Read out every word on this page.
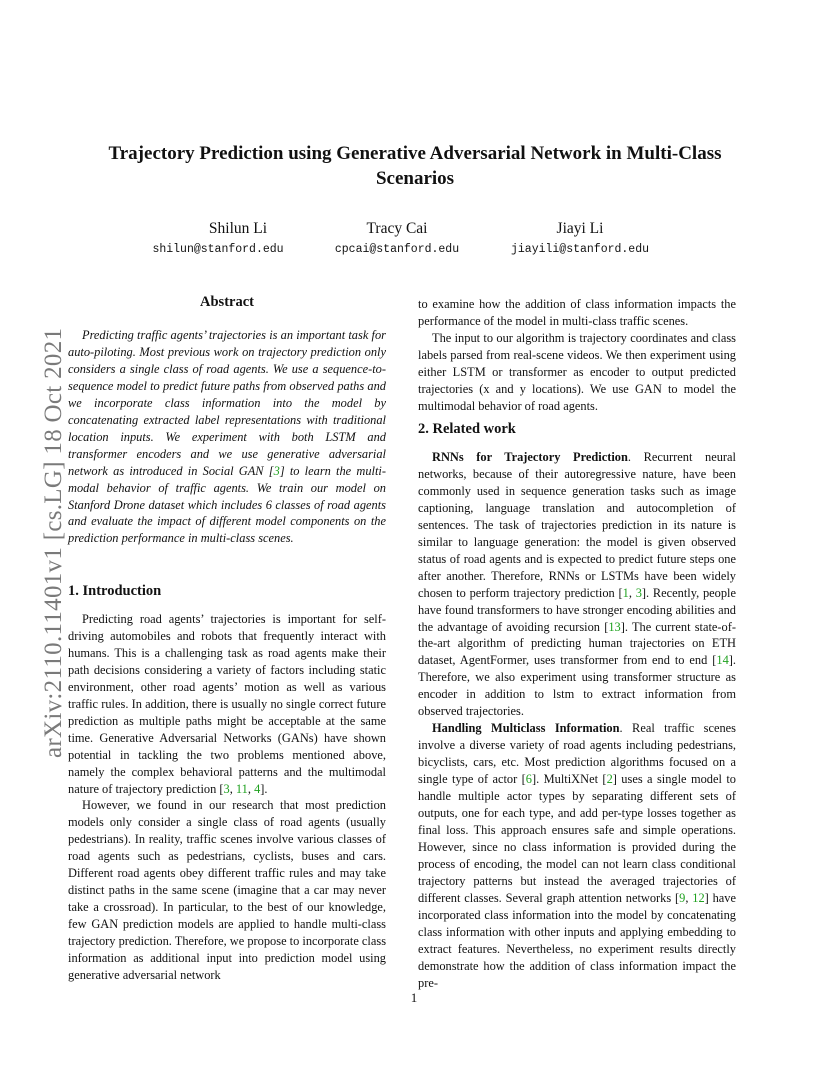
arXiv:2110.11401v1 [cs.LG] 18 Oct 2021
Trajectory Prediction using Generative Adversarial Network in Multi-Class
Scenarios
Shilun Li
shilun@stanford.edu
Tracy Cai
cpcai@stanford.edu
Jiayi Li
jiayili@stanford.edu
Abstract
Predicting traffic agents’ trajectories is an important task for auto-piloting. Most previous work on trajectory prediction only considers a single class of road agents. We use a sequence-to-sequence model to predict future paths from observed paths and we incorporate class information into the model by concatenating extracted label representations with traditional location inputs. We experiment with both LSTM and transformer encoders and we use generative adversarial network as introduced in Social GAN [3] to learn the multi-modal behavior of traffic agents. We train our model on Stanford Drone dataset which includes 6 classes of road agents and evaluate the impact of different model components on the prediction performance in multi-class scenes.
1. Introduction

Predicting road agents’ trajectories is important for self-driving automobiles and robots that frequently interact with humans. This is a challenging task as road agents make their path decisions considering a variety of factors including static environment, other road agents’ motion as well as various traffic rules. In addition, there is usually no single correct future prediction as multiple paths might be acceptable at the same time. Generative Adversarial Networks (GANs) have shown potential in tackling the two problems mentioned above, namely the complex behavioral patterns and the multimodal nature of trajectory prediction [3, 11, 4].

However, we found in our research that most prediction models only consider a single class of road agents (usually pedestrians). In reality, traffic scenes involve various classes of road agents such as pedestrians, cyclists, buses and cars. Different road agents obey different traffic rules and may take distinct paths in the same scene (imagine that a car may never take a crossroad). In particular, to the best of our knowledge, few GAN prediction models are applied to handle multi-class trajectory prediction. Therefore, we propose to incorporate class information as additional input into prediction model using generative adversarial network

to examine how the addition of class information impacts the performance of the model in multi-class traffic scenes.

The input to our algorithm is trajectory coordinates and class labels parsed from real-scene videos. We then experiment using either LSTM or transformer as encoder to output predicted trajectories (x and y locations). We use GAN to model the multimodal behavior of road agents.

2. Related work

RNNs for Trajectory Prediction. Recurrent neural networks, because of their autoregressive nature, have been commonly used in sequence generation tasks such as image captioning, language translation and autocompletion of sentences. The task of trajectories prediction in its nature is similar to language generation: the model is given observed status of road agents and is expected to predict future steps one after another. Therefore, RNNs or LSTMs have been widely chosen to perform trajectory prediction [1, 3]. Recently, people have found transformers to have stronger encoding abilities and the advantage of avoiding recursion [13]. The current state-of-the-art algorithm of predicting human trajectories on ETH dataset, AgentFormer, uses transformer from end to end [14]. Therefore, we also experiment using transformer structure as encoder in addition to lstm to extract information from observed trajectories.

Handling Multiclass Information. Real traffic scenes involve a diverse variety of road agents including pedestrians, bicyclists, cars, etc. Most prediction algorithms focused on a single type of actor [6]. MultiXNet [2] uses a single model to handle multiple actor types by separating different sets of outputs, one for each type, and add per-type losses together as final loss. This approach ensures safe and simple operations. However, since no class information is provided during the process of encoding, the model can not learn class conditional trajectory patterns but instead the averaged trajectories of different classes. Several graph attention networks [9, 12] have incorporated class information into the model by concatenating class information with other inputs and applying embedding to extract features. Nevertheless, no experiment results directly demonstrate how the addition of class information impact the pre-

1
